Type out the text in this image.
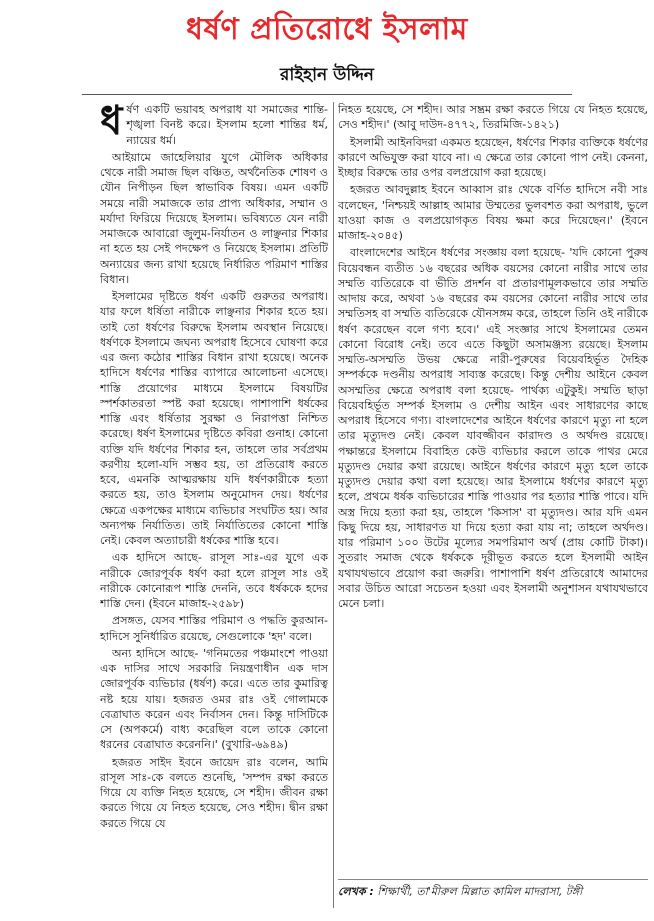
ধর্ষণ প্রতিরোধে ইসলাম
রাইহান উদ্দিন

ধর্ষণ একটি ভয়াবহ অপরাধ যা সমাজের শান্তি-শৃঙ্খলা বিনষ্ট করে। ইসলাম হলো শান্তির ধর্ম, ন্যায়ের ধর্ম।

আইয়ামে জাহেলিয়ার যুগে মৌলিক অধিকার থেকে নারী সমাজ ছিল বঞ্চিত, অর্থনৈতিক শোষণ ও যৌন নিপীড়ন ছিল স্বাভাবিক বিষয়। এমন একটি সময়ে নারী সমাজকে তার প্রাপ্য অধিকার, সম্মান ও মর্যাদা ফিরিয়ে দিয়েছে ইসলাম। ভবিষ্যতে যেন নারী সমাজকে আবারো জুলুম-নির্যাতন ও লাঞ্ছনার শিকার না হতে হয় সেই পদক্ষেপ ও নিয়েছে ইসলাম। প্রতিটি অন্যায়ের জন্য রাখা হয়েছে নির্ধারিত পরিমাণ শাস্তির বিধান।

ইসলামের দৃষ্টিতে ধর্ষণ একটি গুরুতর অপরাধ। যার ফলে ধর্ষিতা নারীকে লাঞ্ছনার শিকার হতে হয়। তাই তো ধর্ষণের বিরুদ্ধে ইসলাম অবস্থান নিয়েছে। ধর্ষণকে ইসলামে জঘন্য অপরাধ হিসেবে ঘোষণা করে এর জন্য কঠোর শাস্তির বিধান রাখা হয়েছে। অনেক হাদিসে ধর্ষণের শাস্তির ব্যাপারে আলোচনা এসেছে। শাস্তি প্রয়োগের মাধ্যমে ইসলামে বিষয়টির স্পর্শকাতরতা স্পষ্ট করা হয়েছে। পাশাপাশি ধর্ষকের শাস্তি এবং ধর্ষিতার সুরক্ষা ও নিরাপত্তা নিশ্চিত করেছে। ধর্ষণ ইসলামের দৃষ্টিতে কবিরা গুনাহ। কোনো ব্যক্তি যদি ধর্ষণের শিকার হন, তাহলে তার সর্বপ্রথম করণীয় হলো-যদি সম্ভব হয়, তা প্রতিরোধ করতে হবে, এমনকি আত্মরক্ষায় যদি ধর্ষণকারীকে হত্যা করতে হয়, তাও ইসলাম অনুমোদন দেয়। ধর্ষণের ক্ষেত্রে একপক্ষের মাধ্যমে ব্যভিচার সংঘটিত হয়। আর অন্যপক্ষ নির্যাতিত। তাই নির্যাতিতের কোনো শাস্তি নেই। কেবল অত্যাচারী ধর্ষকের শাস্তি হবে।

এক হাদিসে আছে- রাসূল সাঃ-এর যুগে এক নারীকে জোরপূর্বক ধর্ষণ করা হলে রাসূল সাঃ ওই নারীকে কোনোরূপ শাস্তি দেননি, তবে ধর্ষককে হদের শাস্তি দেন। (ইবনে মাজাহ-২৫৯৮)

প্রসঙ্গত, যেসব শাস্তির পরিমাণ ও পদ্ধতি কুরআন-হাদিসে সুনির্ধারিত রয়েছে, সেগুলোকে 'হদ' বলে।

অন্য হাদিসে আছে- 'গনিমতের পঞ্চমাংশে পাওয়া এক দাসির সাথে সরকারি নিয়ন্ত্রণাধীন এক দাস জোরপূর্বক ব্যভিচার (ধর্ষণ) করে। এতে তার কুমারিত্ব নষ্ট হয়ে যায়। হজরত ওমর রাঃ ওই গোলামকে বেত্রাঘাত করেন এবং নির্বাসন দেন। কিন্তু দাসিটিকে সে (অপকর্মে) বাধ্য করেছিল বলে তাকে কোনো ধরনের বেত্রাঘাত করেননি।' (বুখারি-৬৯৪৯)

হজরত সাইদ ইবনে জায়েদ রাঃ বলেন, আমি রাসূল সাঃ-কে বলতে শুনেছি, 'সম্পদ রক্ষা করতে গিয়ে যে ব্যক্তি নিহত হয়েছে, সে শহীদ। জীবন রক্ষা করতে গিয়ে যে নিহত হয়েছে, সেও শহীদ। দ্বীন রক্ষা করতে গিয়ে যে

নিহত হয়েছে, সে শহীদ। আর সম্ভ্রম রক্ষা করতে গিয়ে যে নিহত হয়েছে, সেও শহীদ।' (আবু দাউদ-৪৭৭২, তিরমিজি-১৪২১)

ইসলামী আইনবিদরা একমত হয়েছেন, ধর্ষণের শিকার ব্যক্তিকে ধর্ষণের কারণে অভিযুক্ত করা যাবে না। এ ক্ষেত্রে তার কোনো পাপ নেই। কেননা, ইচ্ছার বিরুদ্ধে তার ওপর বলপ্রয়োগ করা হয়েছে।

হজরত আবদুল্লাহ ইবনে আব্বাস রাঃ থেকে বর্ণিত হাদিসে নবী সাঃ বলেছেন, 'নিশ্চয়ই আল্লাহ আমার উম্মতের ভুলবশত করা অপরাধ, ভুলে যাওয়া কাজ ও বলপ্রয়োগকৃত বিষয় ক্ষমা করে দিয়েছেন।' (ইবনে মাজাহ-২০৪৫)

বাংলাদেশের আইনে ধর্ষণের সংজ্ঞায় বলা হয়েছে- 'যদি কোনো পুরুষ বিয়েবন্ধন ব্যতীত ১৬ বছরের অধিক বয়সের কোনো নারীর সাথে তার সম্মতি ব্যতিরেকে বা ভীতি প্রদর্শন বা প্রতারণামূলকভাবে তার সম্মতি আদায় করে, অথবা ১৬ বছরের কম বয়সের কোনো নারীর সাথে তার সম্মতিসহ বা সম্মতি ব্যতিরেকে যৌনসঙ্গম করে, তাহলে তিনি ওই নারীকে ধর্ষণ করেছেন বলে গণ্য হবে।' এই সংজ্ঞার সাথে ইসলামের তেমন কোনো বিরোধ নেই। তবে এতে কিছুটা অসামঞ্জস্য রয়েছে। ইসলাম সম্মতি-অসম্মতি উভয় ক্ষেত্রে নারী-পুরুষের বিয়েবহির্ভূত দৈহিক সম্পর্ককে দণ্ডনীয় অপরাধ সাব্যস্ত করেছে। কিন্তু দেশীয় আইনে কেবল অসম্মতির ক্ষেত্রে অপরাধ বলা হয়েছে- পার্থক্য এটুকুই। সম্মতি ছাড়া বিয়েবহির্ভূত সম্পর্ক ইসলাম ও দেশীয় আইন এবং সাধারণের কাছে অপরাধ হিসেবে গণ্য। বাংলাদেশের আইনে ধর্ষণের কারণে মৃত্যু না হলে তার মৃত্যুদণ্ড নেই। কেবল যাবজ্জীবন কারাদণ্ড ও অর্থদণ্ড রয়েছে। পক্ষান্তরে ইসলামে বিবাহিত কেউ ব্যভিচার করলে তাকে পাথর মেরে মৃত্যুদণ্ড দেয়ার কথা রয়েছে। আইনে ধর্ষণের কারণে মৃত্যু হলে তাকে মৃত্যুদণ্ড দেয়ার কথা বলা হয়েছে। আর ইসলামে ধর্ষণের কারণে মৃত্যু হলে, প্রথমে ধর্ষক ব্যভিচারের শাস্তি পাওয়ার পর হত্যার শাস্তি পাবে। যদি অস্ত্র দিয়ে হত্যা করা হয়, তাহলে 'কিসাস' বা মৃত্যুদণ্ড। আর যদি এমন কিছু দিয়ে হয়, সাধারণত যা দিয়ে হত্যা করা যায় না; তাহলে অর্থদণ্ড। যার পরিমাণ ১০০ উটের মূল্যের সমপরিমাণ অর্থ (প্রায় কোটি টাকা)। সুতরাং সমাজ থেকে ধর্ষককে দূরীভূত করতে হলে ইসলামী আইন যথাযথভাবে প্রয়োগ করা জরুরি। পাশাপাশি ধর্ষণ প্রতিরোধে আমাদের সবার উচিত আরো সচেতন হওয়া এবং ইসলামী অনুশাসন যথাযথভাবে মেনে চলা।

লেখক : শিক্ষার্থী, তা'মীরুল মিল্লাত কামিল মাদরাসা, টঙ্গী
